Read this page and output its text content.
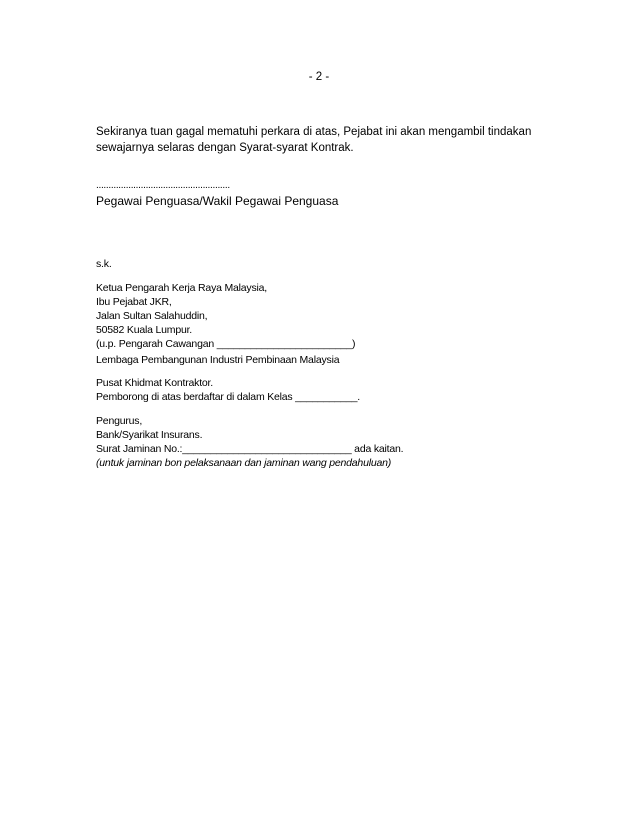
- 2 -
Sekiranya tuan gagal mematuhi perkara di atas, Pejabat ini akan mengambil tindakan
sewajarnya selaras dengan Syarat-syarat Kontrak.
......................................................
Pegawai Penguasa/Wakil Pegawai Penguasa
s.k.
Ketua Pengarah Kerja Raya Malaysia,
Ibu Pejabat JKR,
Jalan Sultan Salahuddin,
50582 Kuala Lumpur.
(u.p. Pengarah Cawangan ________________________)
Lembaga Pembangunan Industri Pembinaan Malaysia
Pusat Khidmat Kontraktor.
Pemborong di atas berdaftar di dalam Kelas ___________.
Pengurus,
Bank/Syarikat Insurans.
Surat Jaminan No.:______________________________ ada kaitan.
(untuk jaminan bon pelaksanaan dan jaminan wang pendahuluan)
